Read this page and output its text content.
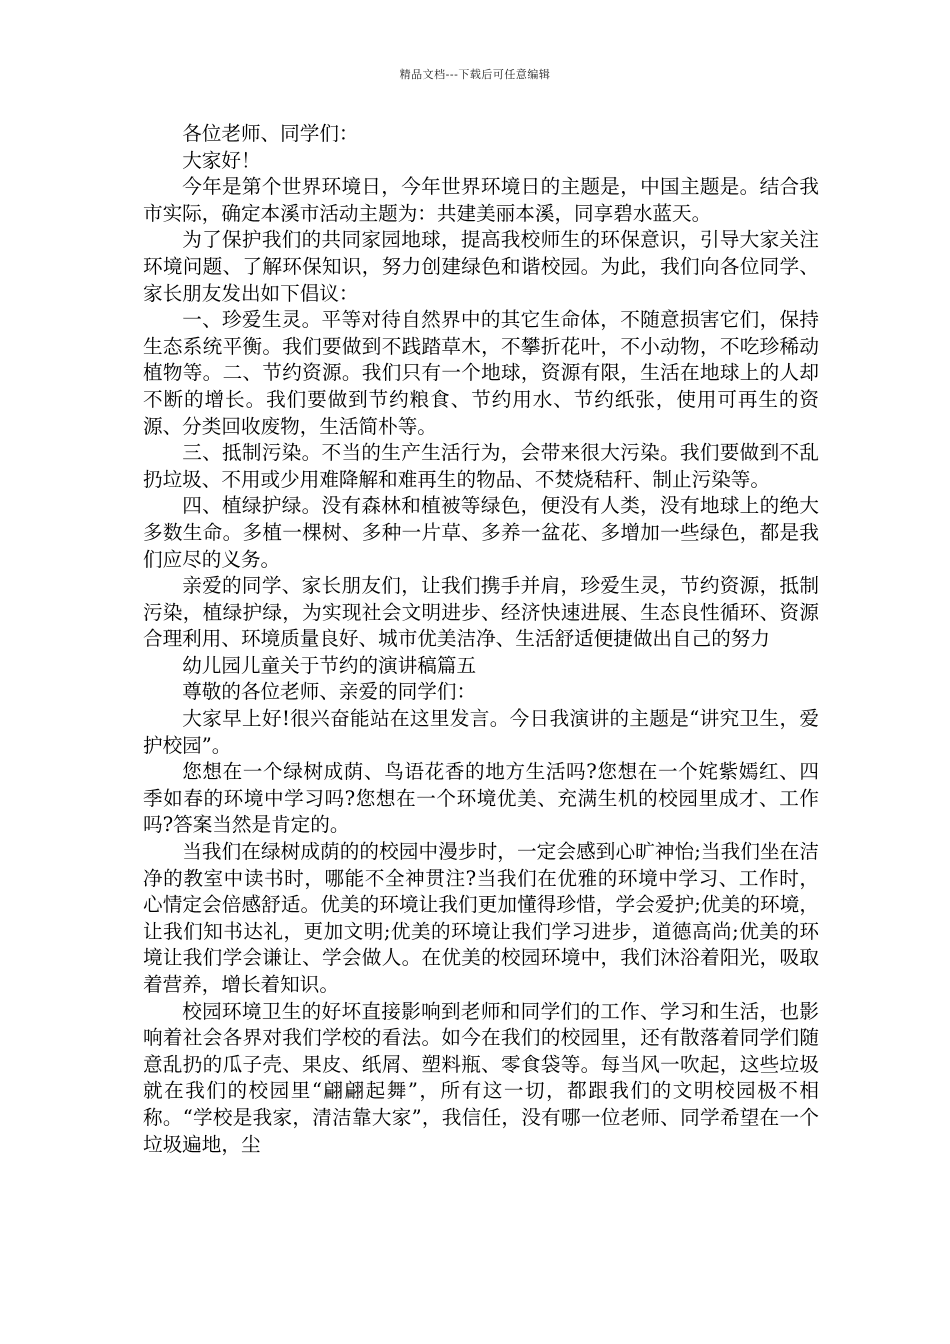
精品文档---下载后可任意编辑

各位老师、同学们：

大家好！

今年是第个世界环境日，今年世界环境日的主题是，中国主题是。结合我市实际，确定本溪市活动主题为：共建美丽本溪，同享碧水蓝天。

为了保护我们的共同家园地球，提高我校师生的环保意识，引导大家关注环境问题、了解环保知识，努力创建绿色和谐校园。为此，我们向各位同学、家长朋友发出如下倡议：

一、珍爱生灵。平等对待自然界中的其它生命体，不随意损害它们，保持生态系统平衡。我们要做到不践踏草木，不攀折花叶，不小动物，不吃珍稀动植物等。二、节约资源。我们只有一个地球，资源有限，生活在地球上的人却不断的增长。我们要做到节约粮食、节约用水、节约纸张，使用可再生的资源、分类回收废物，生活简朴等。

三、抵制污染。不当的生产生活行为，会带来很大污染。我们要做到不乱扔垃圾、不用或少用难降解和难再生的物品、不焚烧秸秆、制止污染等。

四、植绿护绿。没有森林和植被等绿色，便没有人类，没有地球上的绝大多数生命。多植一棵树、多种一片草、多养一盆花、多增加一些绿色，都是我们应尽的义务。

亲爱的同学、家长朋友们，让我们携手并肩，珍爱生灵，节约资源，抵制污染，植绿护绿，为实现社会文明进步、经济快速进展、生态良性循环、资源合理利用、环境质量良好、城市优美洁净、生活舒适便捷做出自己的努力

幼儿园儿童关于节约的演讲稿篇五

尊敬的各位老师、亲爱的同学们：

大家早上好!很兴奋能站在这里发言。今日我演讲的主题是“讲究卫生，爱护校园”。

您想在一个绿树成荫、鸟语花香的地方生活吗?您想在一个姹紫嫣红、四季如春的环境中学习吗?您想在一个环境优美、充满生机的校园里成才、工作吗?答案当然是肯定的。

当我们在绿树成荫的的校园中漫步时，一定会感到心旷神怡;当我们坐在洁净的教室中读书时，哪能不全神贯注?当我们在优雅的环境中学习、工作时，心情定会倍感舒适。优美的环境让我们更加懂得珍惜，学会爱护;优美的环境，让我们知书达礼，更加文明;优美的环境让我们学习进步，道德高尚;优美的环境让我们学会谦让、学会做人。在优美的校园环境中，我们沐浴着阳光，吸取着营养，增长着知识。

校园环境卫生的好坏直接影响到老师和同学们的工作、学习和生活，也影响着社会各界对我们学校的看法。如今在我们的校园里，还有散落着同学们随意乱扔的瓜子壳、果皮、纸屑、塑料瓶、零食袋等。每当风一吹起，这些垃圾就在我们的校园里“翩翩起舞”，所有这一切，都跟我们的文明校园极不相称。“学校是我家，清洁靠大家”，我信任，没有哪一位老师、同学希望在一个垃圾遍地，尘
